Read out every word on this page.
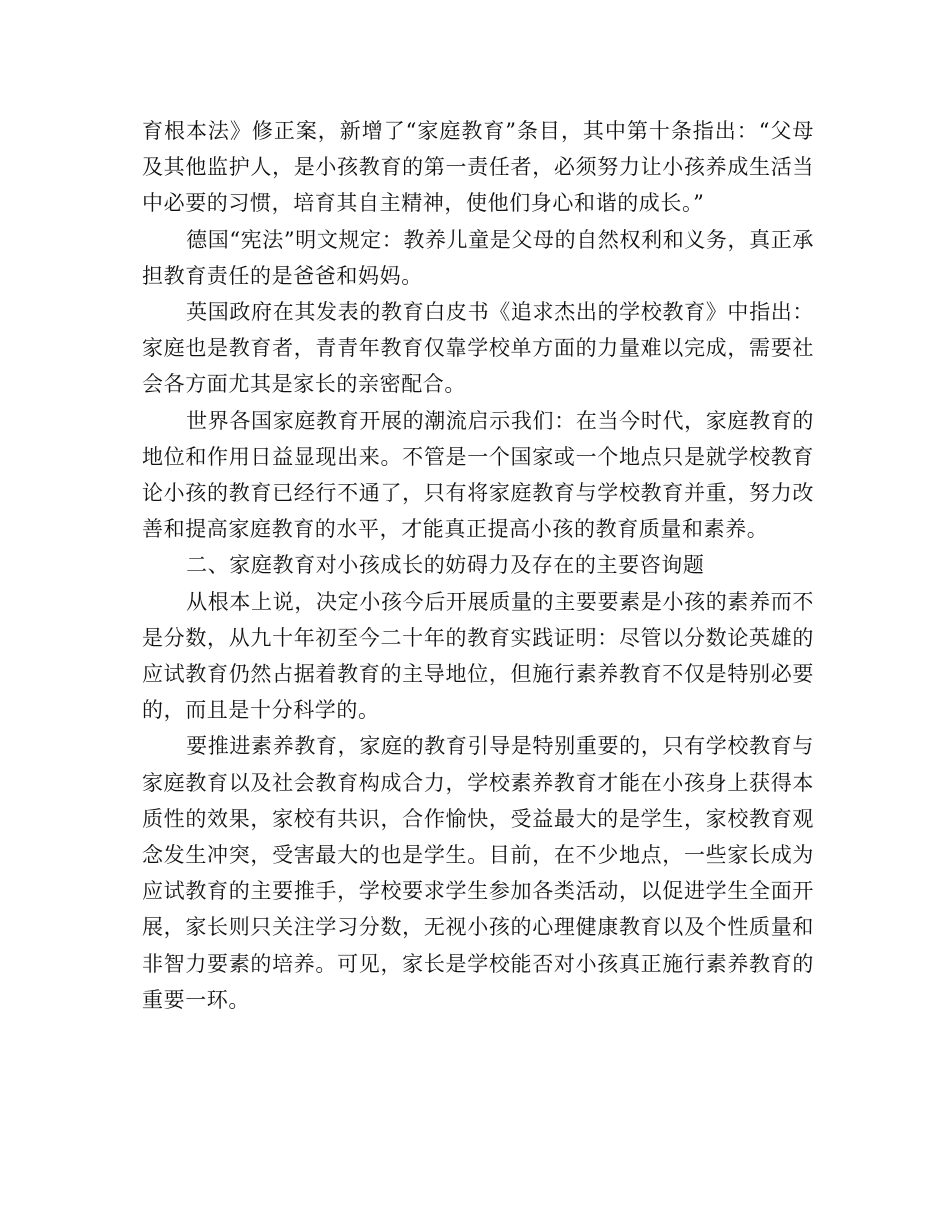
育根本法》修正案，新增了“家庭教育”条目，其中第十条指出：“父母及其他监护人，是小孩教育的第一责任者，必须努力让小孩养成生活当中必要的习惯，培育其自主精神，使他们身心和谐的成长。”

德国“宪法”明文规定：教养儿童是父母的自然权利和义务，真正承担教育责任的是爸爸和妈妈。

英国政府在其发表的教育白皮书《追求杰出的学校教育》中指出：家庭也是教育者，青青年教育仅靠学校单方面的力量难以完成，需要社会各方面尤其是家长的亲密配合。

世界各国家庭教育开展的潮流启示我们：在当今时代，家庭教育的地位和作用日益显现出来。不管是一个国家或一个地点只是就学校教育论小孩的教育已经行不通了，只有将家庭教育与学校教育并重，努力改善和提高家庭教育的水平，才能真正提高小孩的教育质量和素养。

二、家庭教育对小孩成长的妨碍力及存在的主要咨询题

从根本上说，决定小孩今后开展质量的主要要素是小孩的素养而不是分数，从九十年初至今二十年的教育实践证明：尽管以分数论英雄的应试教育仍然占据着教育的主导地位，但施行素养教育不仅是特别必要的，而且是十分科学的。

要推进素养教育，家庭的教育引导是特别重要的，只有学校教育与家庭教育以及社会教育构成合力，学校素养教育才能在小孩身上获得本质性的效果，家校有共识，合作愉快，受益最大的是学生，家校教育观念发生冲突，受害最大的也是学生。目前，在不少地点，一些家长成为应试教育的主要推手，学校要求学生参加各类活动，以促进学生全面开展，家长则只关注学习分数，无视小孩的心理健康教育以及个性质量和非智力要素的培养。可见，家长是学校能否对小孩真正施行素养教育的重要一环。
